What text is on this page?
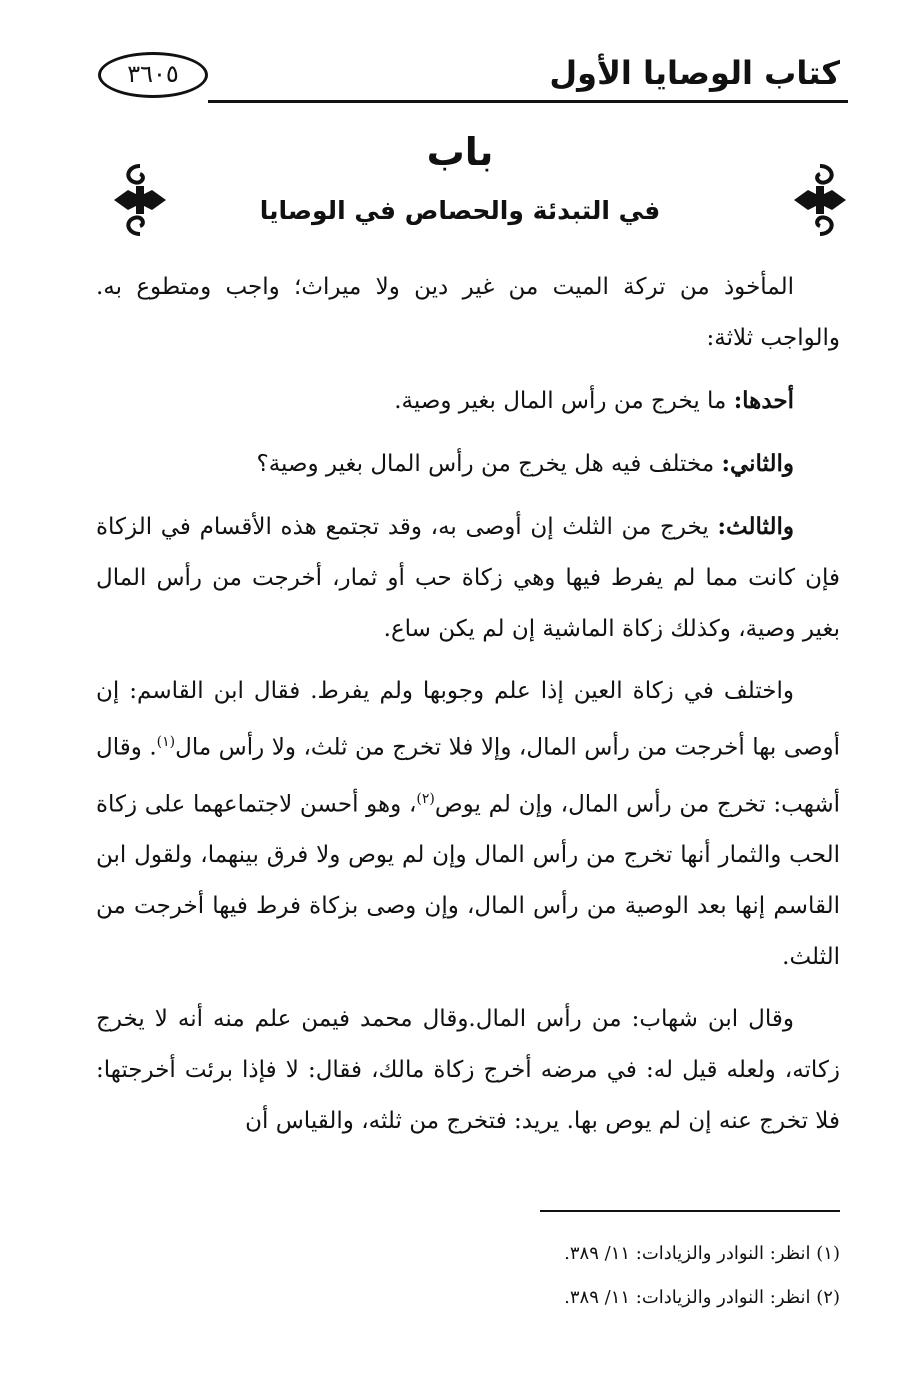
كتاب الوصايا الأول
٣٦٠٥
باب
في التبدئة والحصاص في الوصايا

المأخوذ من تركة الميت من غير دين ولا ميراث؛ واجب ومتطوع به. والواجب ثلاثة:

أحدها: ما يخرج من رأس المال بغير وصية.

والثاني: مختلف فيه هل يخرج من رأس المال بغير وصية؟

والثالث: يخرج من الثلث إن أوصى به، وقد تجتمع هذه الأقسام في الزكاة فإن كانت مما لم يفرط فيها وهي زكاة حب أو ثمار، أخرجت من رأس المال بغير وصية، وكذلك زكاة الماشية إن لم يكن ساع.

واختلف في زكاة العين إذا علم وجوبها ولم يفرط. فقال ابن القاسم: إن أوصى بها أخرجت من رأس المال، وإلا فلا تخرج من ثلث، ولا رأس مال$^{(١)}$. وقال أشهب: تخرج من رأس المال، وإن لم يوص$^{(٢)}$، وهو أحسن لاجتماعهما على زكاة الحب والثمار أنها تخرج من رأس المال وإن لم يوص ولا فرق بينهما، ولقول ابن القاسم إنها بعد الوصية من رأس المال، وإن وصى بزكاة فرط فيها أخرجت من الثلث.

وقال ابن شهاب: من رأس المال.وقال محمد فيمن علم منه أنه لا يخرج زكاته، ولعله قيل له: في مرضه أخرج زكاة مالك، فقال: لا فإذا برئت أخرجتها: فلا تخرج عنه إن لم يوص بها. يريد: فتخرج من ثلثه، والقياس أن

(١) انظر: النوادر والزيادات: ١١/ ٣٨٩.
(٢) انظر: النوادر والزيادات: ١١/ ٣٨٩.
